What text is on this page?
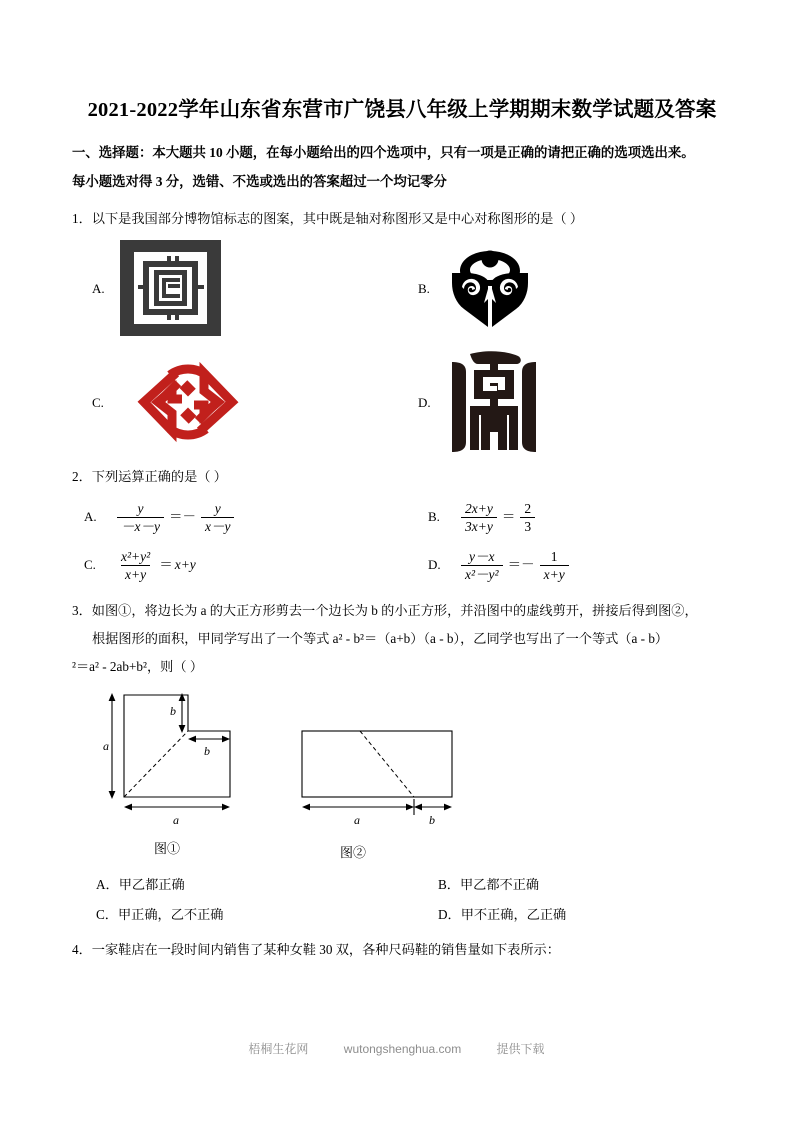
2021-2022学年山东省东营市广饶县八年级上学期期末数学试题及答案
一、选择题：本大题共 10 小题，在每小题给出的四个选项中，只有一项是正确的请把正确的选项选出来。
每小题选对得 3 分，选错、不选或选出的答案超过一个均记零分
1．以下是我国部分博物馆标志的图案，其中既是轴对称图形又是中心对称图形的是（ ）
A.	B.
C.	D.
2．下列运算正确的是（ ）
A.	$\frac{y}{-x-y} =- \frac{y}{x-y}$	B.	$\frac{2x+y}{3x+y} = \frac{2}{3}$
C.	$\frac{\text{x²+y²}}{x+y} = x+y$	D.	$\frac{y-x}{\text{x²－y²}} =- \frac{1}{x+y}$
3．如图①，将边长为 a 的大正方形剪去一个边长为 b 的小正方形，并沿图中的虚线剪开，拼接后得到图②，
根据图形的面积，甲同学写出了一个等式 a² - b²＝（a+b）（a - b），乙同学也写出了一个等式（a - b）
²＝a² - 2ab+b²，则（ ）
a
b
b
a	a	b
图①	图②
A．甲乙都正确	B．甲乙都不正确
C．甲正确，乙不正确	D．甲不正确，乙正确
4．一家鞋店在一段时间内销售了某种女鞋 30 双，各种尺码鞋的销售量如下表所示：
梧桐生花网	wutongshenghua.com	提供下载
